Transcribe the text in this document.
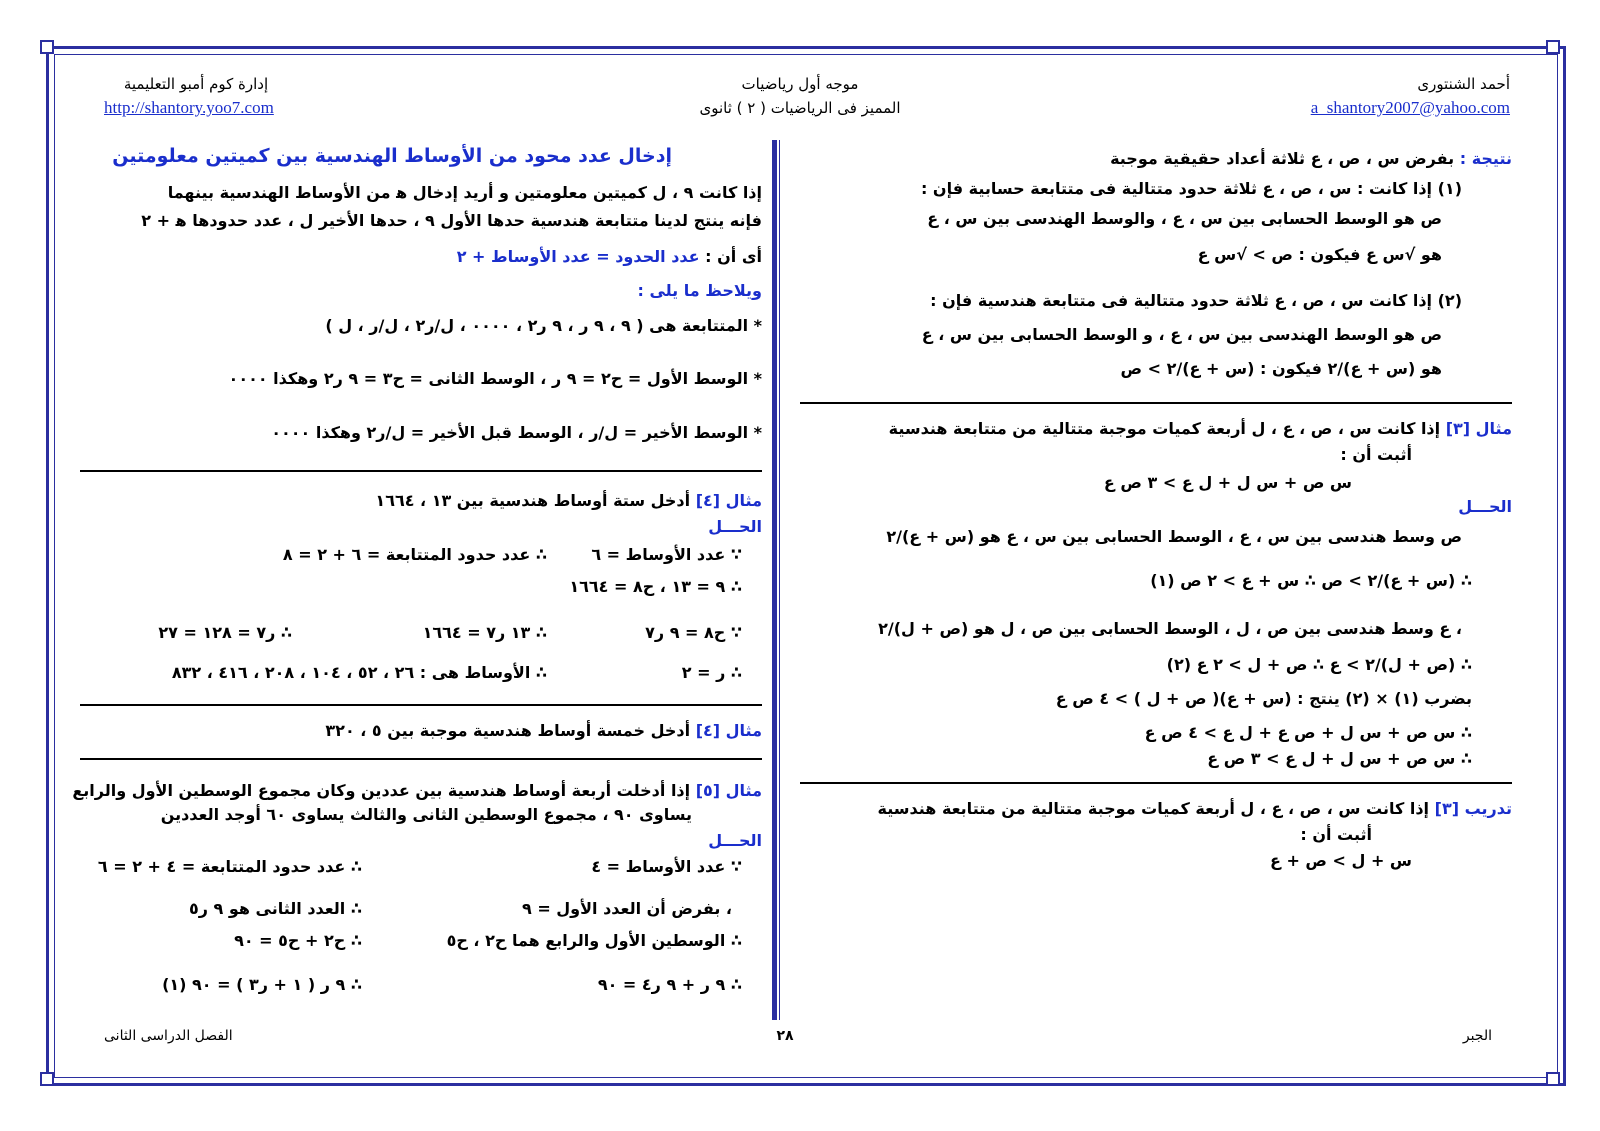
أحمد الشنتورى
a_shantory2007@yahoo.com
موجه أول رياضيات
المميز فى الرياضيات ( ٢ ) ثانوى
إدارة كوم أمبو التعليمية
http://shantory.yoo7.com
إدخال عدد محود من الأوساط الهندسية بين كميتين معلومتين
إذا كانت ٩ ، ل كميتين معلومتين و أريد إدخال ﻫ من الأوساط الهندسية بينهما
فإنه ينتج لدينا متتابعة هندسية حدها الأول ٩ ، حدها الأخير ل ، عدد حدودها ﻫ + ٢
أى أن : عدد الحدود = عدد الأوساط + ٢
ويلاحظ ما يلى :
* المتتابعة هى ( ٩ ، ٩ ر ، ٩ ر٢ ، ٠٠٠٠ ، ل/ر٢ ، ل/ر ، ل )
* الوسط الأول = ح٢ = ٩ ر ، الوسط الثانى = ح٣ = ٩ ر٢ وهكذا ٠٠٠٠
* الوسط الأخير = ل/ر ، الوسط قبل الأخير = ل/ر٢ وهكذا ٠٠٠٠
مثال [٤] أدخل ستة أوساط هندسية بين ١٣ ، ١٦٦٤
الحـــل
∵ عدد الأوساط = ٦
∴ عدد حدود المتتابعة = ٦ + ٢ = ٨
∴ ٩ = ١٣ ، ح٨ = ١٦٦٤
∵ ح٨ = ٩ ر٧
∴ ١٣ ر٧ = ١٦٦٤
∴ ر٧ = ١٢٨ = ٢٧
∴ ر = ٢
∴ الأوساط هى : ٢٦ ، ٥٢ ، ١٠٤ ، ٢٠٨ ، ٤١٦ ، ٨٣٢
مثال [٤] أدخل خمسة أوساط هندسية موجبة بين ٥ ، ٣٢٠
مثال [٥] إذا أدخلت أربعة أوساط هندسية بين عددين وكان مجموع الوسطين الأول والرابع
يساوى ٩٠ ، مجموع الوسطين الثانى والثالث يساوى ٦٠ أوجد العددين
الحـــل
∵ عدد الأوساط = ٤
∴ عدد حدود المتتابعة = ٤ + ٢ = ٦
، بفرض أن العدد الأول = ٩
∴ العدد الثانى هو ٩ ر٥
∴ الوسطين الأول والرابع هما ح٢ ، ح٥
∴ ح٢ + ح٥ = ٩٠
∴ ٩ ر + ٩ ر٤ = ٩٠
∴ ٩ ر ( ١ + ر٣ ) = ٩٠ (١)
نتيجة : بفرض س ، ص ، ع ثلاثة أعداد حقيقية موجبة
(١) إذا كانت : س ، ص ، ع ثلاثة حدود متتالية فى متتابعة حسابية فإن :
ص هو الوسط الحسابى بين س ، ع ، والوسط الهندسى بين س ، ع
هو √س ع فيكون : ص > √س ع
(٢) إذا كانت س ، ص ، ع ثلاثة حدود متتالية فى متتابعة هندسية فإن :
ص هو الوسط الهندسى بين س ، ع ، و الوسط الحسابى بين س ، ع
هو (س + ع)/٢ فيكون : (س + ع)/٢ > ص
مثال [٣] إذا كانت س ، ص ، ع ، ل أربعة كميات موجبة متتالية من متتابعة هندسية
أثبت أن :
س ص + س ل + ل ع > ٣ ص ع
الحـــل
ص وسط هندسى بين س ، ع ، الوسط الحسابى بين س ، ع هو (س + ع)/٢
∴ (س + ع)/٢ > ص ∴ س + ع > ٢ ص (١)
، ع وسط هندسى بين ص ، ل ، الوسط الحسابى بين ص ، ل هو (ص + ل)/٢
∴ (ص + ل)/٢ > ع ∴ ص + ل > ٢ ع (٢)
بضرب (١) × (٢) ينتج : (س + ع)( ص + ل ) > ٤ ص ع
∴ س ص + س ل + ص ع + ل ع > ٤ ص ع
∴ س ص + س ل + ل ع > ٣ ص ع
تدريب [٣] إذا كانت س ، ص ، ع ، ل أربعة كميات موجبة متتالية من متتابعة هندسية
أثبت أن :
س + ل > ص + ع
الجبر
٢٨
الفصل الدراسى الثانى
